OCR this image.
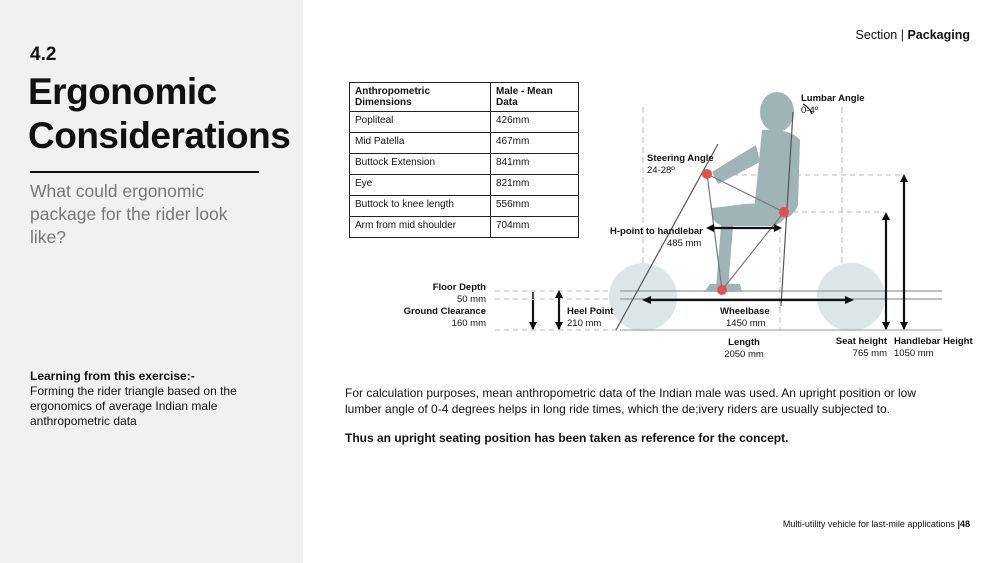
4.2
Ergonomic Considerations
What could ergonomic package for the rider look like?
Learning from this exercise:-
Forming the rider triangle based on the ergonomics of average Indian male anthropometric data
Section | Packaging
Anthropometric Dimensions	Male - Mean Data
Popliteal	426mm
Mid Patella	467mm
Buttock Extension	841mm
Eye	821mm
Buttock to knee length	556mm
Arm from mid shoulder	704mm
Lumbar Angle
0-4º
Steering Angle
24-28º
H-point to handlebar
485 mm
Floor Depth
50 mm
Ground Clearance
160 mm
Heel Point
210 mm
Wheelbase
1450 mm
Length
2050 mm
Seat height
765 mm
Handlebar Height
1050 mm
For calculation purposes, mean anthropometric data of the Indian male was used. An upright position or low lumber angle of 0-4 degrees helps in long ride times, which the de;ivery riders are usually subjected to.
Thus an upright seating position has been taken as reference for the concept.
Multi-utility vehicle for last-mile applications |48
